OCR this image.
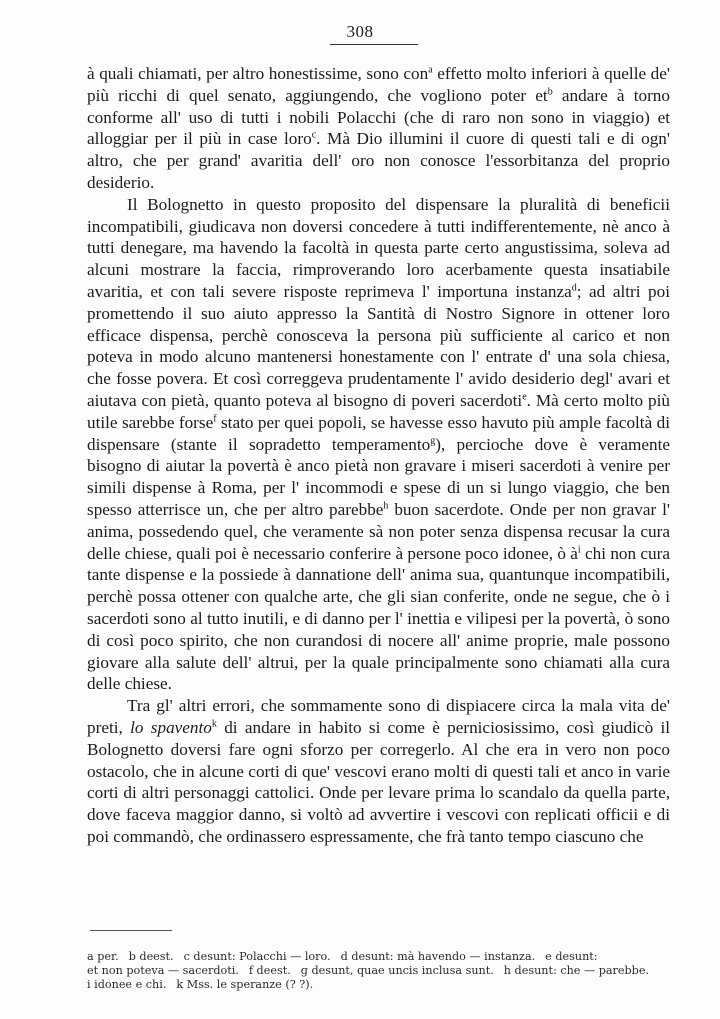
308

à quali chiamati, per altro honestissime, sono con$^a$ effetto molto inferiori à quelle de' più ricchi di quel senato, aggiungendo, che vogliono poter $et^b$ andare à torno conforme all' uso di tutti i nobili Polacchi (che di raro non sono in viaggio) et alloggiar per il più in case loro$^c$. Mà Dio illumini il cuore di questi tali e di ogn' altro, che per grand' avaritia dell' oro non conosce l'essorbitanza del proprio desiderio.

Il Bolognetto in questo proposito del dispensare la pluralità di beneficii incompatibili, giudicava non doversi concedere à tutti indifferentemente, nè anco à tutti denegare, ma havendo la facoltà in questa parte certo angustissima, soleva ad alcuni mostrare la faccia, rimproverando loro acerbamente questa insatiabile avaritia, et con tali severe risposte reprimeva l' importuna instanza$^d$; ad altri poi promettendo il suo aiuto appresso la Santità di Nostro Signore in ottener loro efficace dispensa, perchè conosceva la persona più sufficiente al carico et non poteva in modo alcuno mantenersi honestamente con l' entrate d' una sola chiesa, che fosse povera. Et così correggeva prudentamente l' avido desiderio degl' avari et aiutava con pietà, quanto poteva al bisogno di poveri sacerdoti$^e$. Mà certo molto più utile sarebbe forse$^f$ stato per quei popoli, se havesse esso havuto più ample facoltà di dispensare (stante il sopradetto temperamento$^g$), percioche dove è veramente bisogno di aiutar la povertà è anco pietà non gravare i miseri sacerdoti à venire per simili dispense à Roma, per l' incommodi e spese di un si lungo viaggio, che ben spesso atterrisce un, che per altro parebbe$^h$ buon sacerdote. Onde per non gravar l' anima, possedendo quel, che veramente sà non poter senza dispensa recusar la cura delle chiese, quali poi è necessario conferire à persone poco idonee, ò $à^i$ chi non cura tante dispense e la possiede à dannatione dell' anima sua, quantunque incompatibili, perchè possa ottener con qualche arte, che gli sian conferite, onde ne segue, che ò i sacerdoti sono al tutto inutili, e di danno per l' inettia e vilipesi per la povertà, ò sono di così poco spirito, che non curandosi di nocere all' anime proprie, male possono giovare alla salute dell' altrui, per la quale principalmente sono chiamati alla cura delle chiese.

Tra gl' altri errori, che sommamente sono di dispiacere circa la mala vita de' preti, lo spavento$^k$ di andare in habito si come è perniciosissimo, così giudicò il Bolognetto doversi fare ogni sforzo per corregerlo. Al che era in vero non poco ostacolo, che in alcune corti di que' vescovi erano molti di questi tali et anco in varie corti di altri personaggi cattolici. Onde per levare prima lo scandalo da quella parte, dove faceva maggior danno, si voltò ad avvertire i vescovi con replicati officii e di poi commandò, che ordinassero espressamente, che frà tanto tempo ciascuno che

a per. b deest. c desunt: Polacchi — loro. d desunt: mà havendo — instanza. e desunt:

et non poteva — sacerdoti. f deest. g desunt, quae uncis inclusa sunt. h desunt: che — parebbe.

i idonee e chi. k Mss. le speranze (? ?).
